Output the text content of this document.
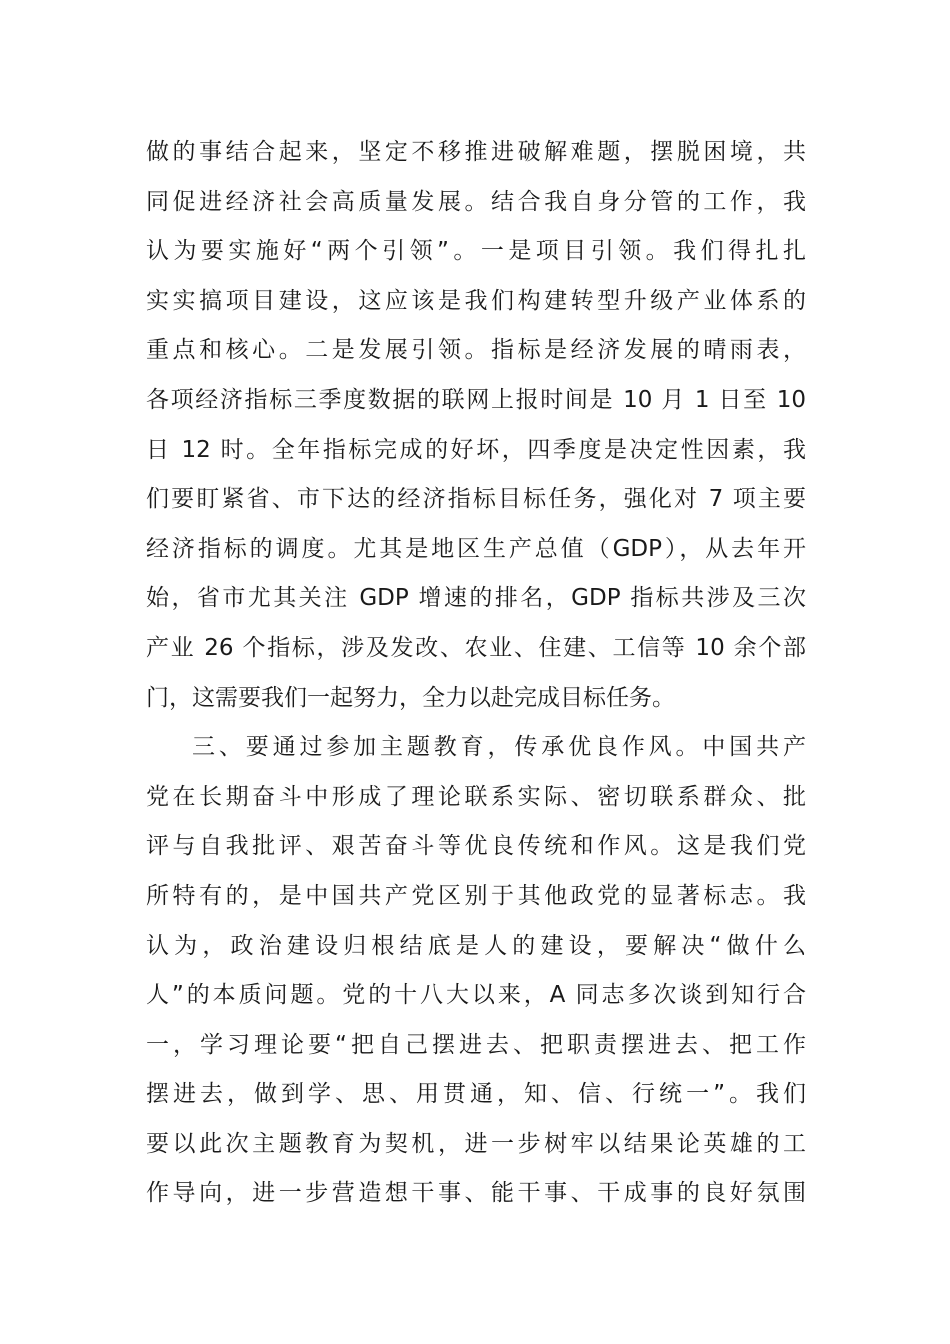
做的事结合起来，坚定不移推进破解难题，摆脱困境，共
同促进经济社会高质量发展。结合我自身分管的工作，我
认为要实施好“两个引领”。一是项目引领。我们得扎扎
实实搞项目建设，这应该是我们构建转型升级产业体系的
重点和核心。二是发展引领。指标是经济发展的晴雨表，
各项经济指标三季度数据的联网上报时间是 10 月 1 日至 10
日 12 时。全年指标完成的好坏，四季度是决定性因素，我
们要盯紧省、市下达的经济指标目标任务，强化对 7 项主要
经济指标的调度。尤其是地区生产总值（GDP），从去年开
始，省市尤其关注 GDP 增速的排名，GDP 指标共涉及三次
产业 26 个指标，涉及发改、农业、住建、工信等 10 余个部
门，这需要我们一起努力，全力以赴完成目标任务。
三、要通过参加主题教育，传承优良作风。中国共产
党在长期奋斗中形成了理论联系实际、密切联系群众、批
评与自我批评、艰苦奋斗等优良传统和作风。这是我们党
所特有的，是中国共产党区别于其他政党的显著标志。我
认为，政治建设归根结底是人的建设，要解决“做什么
人”的本质问题。党的十八大以来，A 同志多次谈到知行合
一，学习理论要“把自己摆进去、把职责摆进去、把工作
摆进去，做到学、思、用贯通，知、信、行统一”。我们
要以此次主题教育为契机，进一步树牢以结果论英雄的工
作导向，进一步营造想干事、能干事、干成事的良好氛围
